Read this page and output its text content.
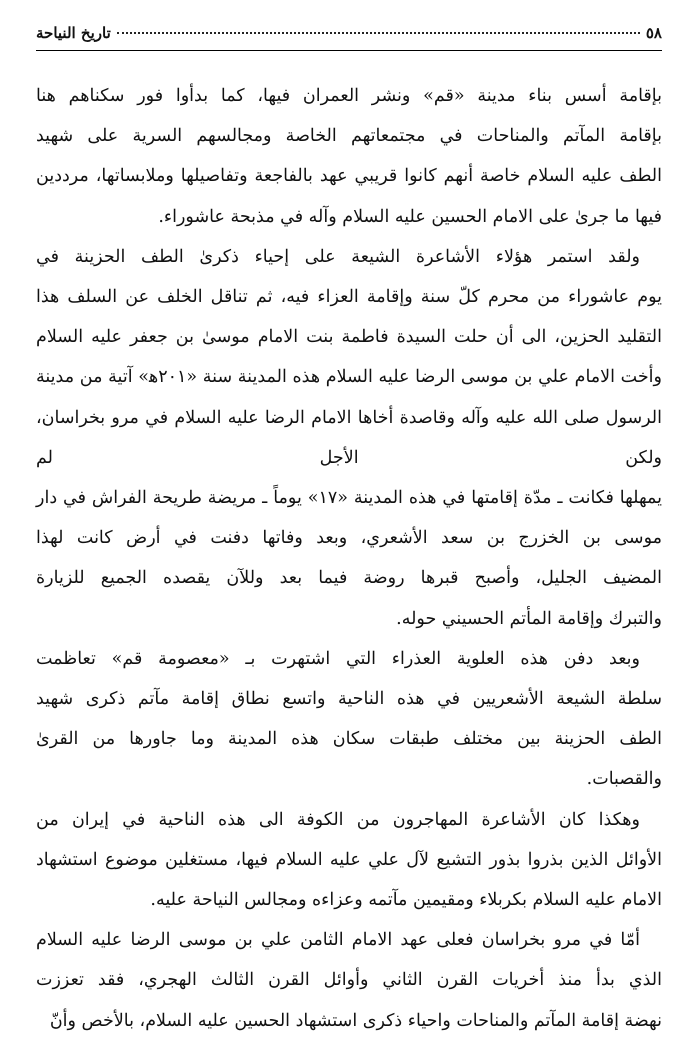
٥٨
تاريخ النياحة

بإقامة أسس بناء مدينة «قم» ونشر العمران فيها، كما بدأوا فور سكناهم هنا
بإقامة المآتم والمناحات في مجتمعاتهم الخاصة ومجالسهم السرية على شهيد
الطف عليه السلام خاصة أنهم كانوا قريبي عهد بالفاجعة وتفاصيلها وملابساتها، مرددين
فيها ما جرىٰ على الامام الحسين عليه السلام وآله في مذبحة عاشوراء.

ولقد استمر هؤلاء الأشاعرة الشيعة على إحياء ذكرىٰ الطف الحزينة في
يوم عاشوراء من محرم كلّ سنة وإقامة العزاء فيه، ثم تناقل الخلف عن السلف هذا
التقليد الحزين، الى أن حلت السيدة فاطمة بنت الامام موسىٰ بن جعفر عليه السلام
وأخت الامام علي بن موسى الرضا عليه السلام هذه المدينة سنة «٢٠١ه‍» آتية من مدينة
الرسول صلى الله عليه وآله وقاصدة أخاها الامام الرضا عليه السلام في مرو بخراسان، ولكن الأجل لم
يمهلها فكانت ـ مدّة إقامتها في هذه المدينة «١٧» يوماً ـ مريضة طريحة الفراش في دار
موسى بن الخزرج بن سعد الأشعري، وبعد وفاتها دفنت في أرض كانت لهذا
المضيف الجليل، وأصبح قبرها روضة فيما بعد وللآن يقصده الجميع للزيارة
والتبرك وإقامة المأتم الحسيني حوله.

وبعد دفن هذه العلوية العذراء التي اشتهرت بـ «معصومة قم» تعاظمت
سلطة الشيعة الأشعريين في هذه الناحية واتسع نطاق إقامة مآتم ذكرى شهيد
الطف الحزينة بين مختلف طبقات سكان هذه المدينة وما جاورها من القرىٰ
والقصبات.

وهكذا كان الأشاعرة المهاجرون من الكوفة الى هذه الناحية في إيران من
الأوائل الذين بذروا بذور التشيع لآل علي عليه السلام فيها، مستغلين موضوع استشهاد
الامام عليه السلام بكربلاء ومقيمين مآتمه وعزاءه ومجالس النياحة عليه.

أمّا في مرو بخراسان فعلى عهد الامام الثامن علي بن موسى الرضا عليه السلام
الذي بدأ منذ أخريات القرن الثاني وأوائل القرن الثالث الهجري، فقد تعززت
نهضة إقامة المآتم والمناحات واحياء ذكرى استشهاد الحسين عليه السلام، بالأخص وأنّ
